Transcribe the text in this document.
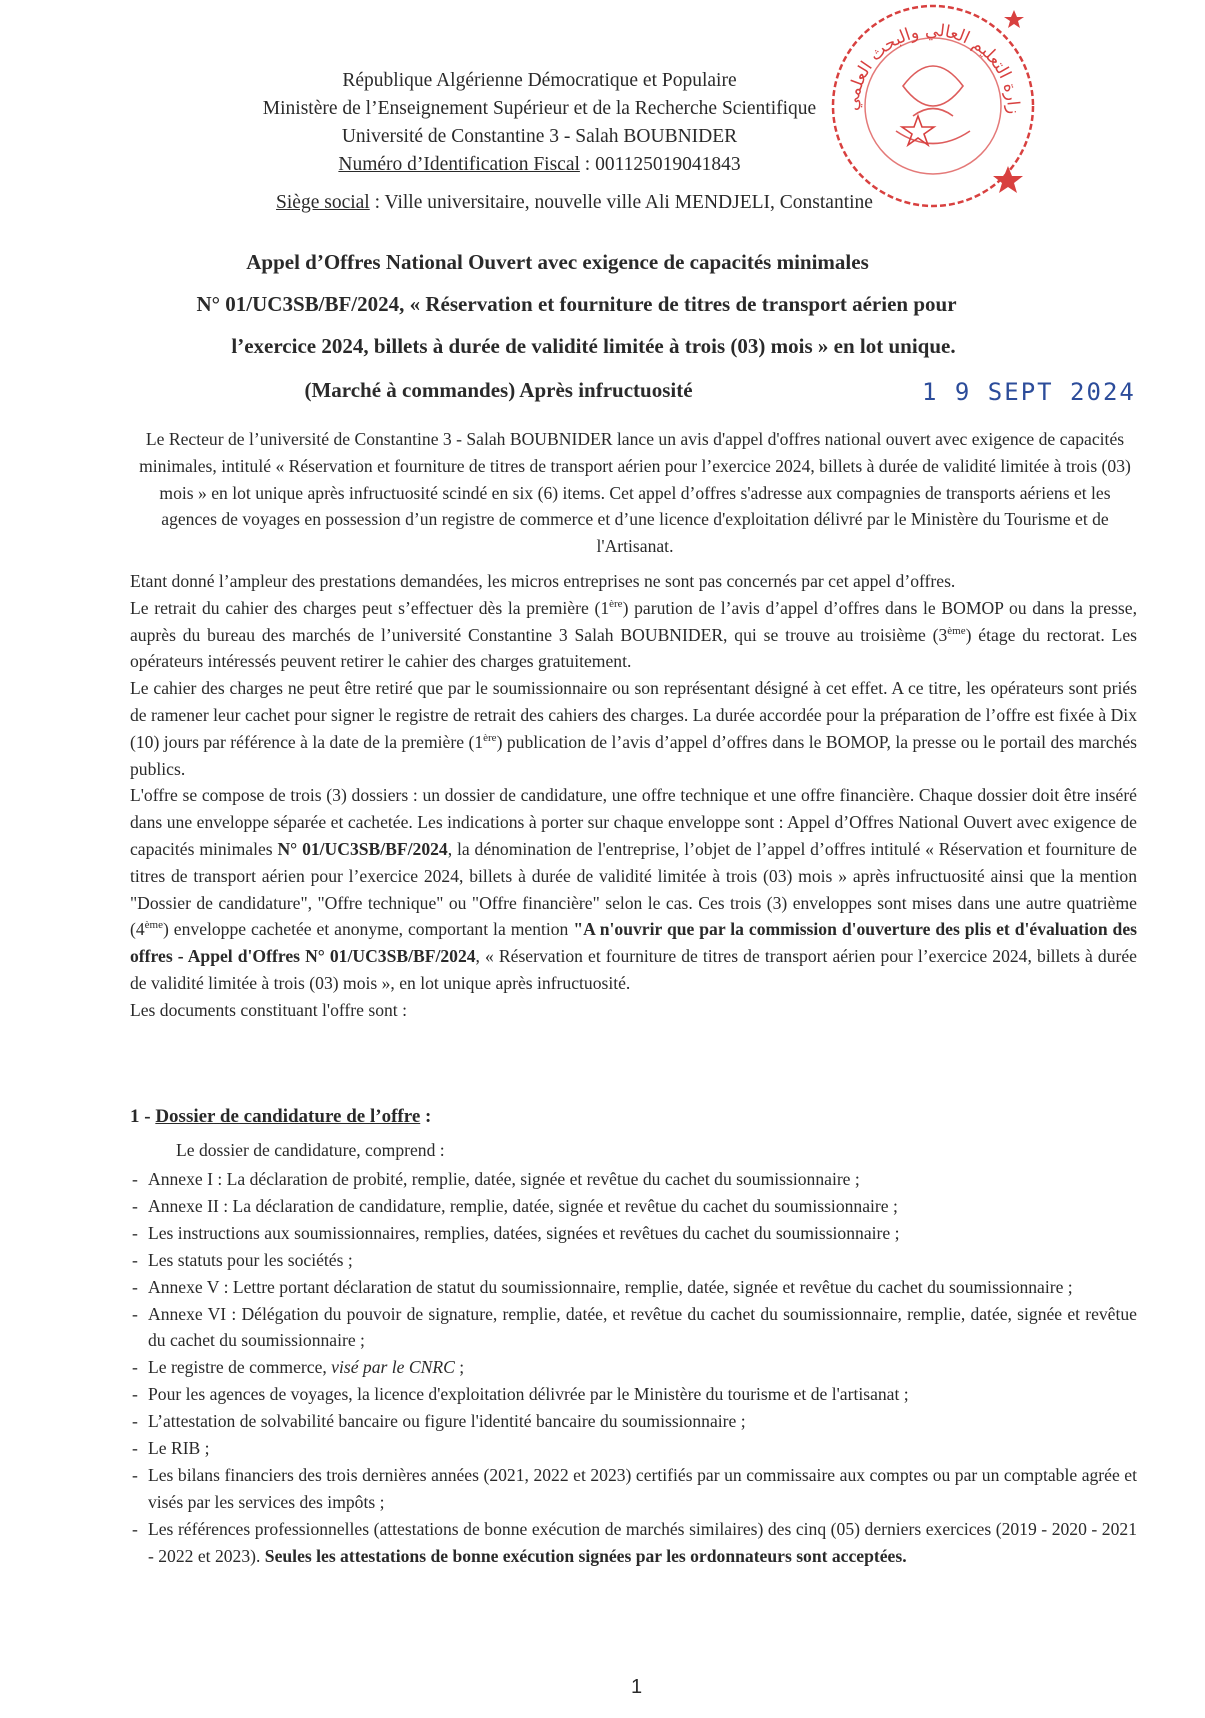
زارة التعليم العالي والبحث العلمي
République Algérienne Démocratique et Populaire
Ministère de l’Enseignement Supérieur et de la Recherche Scientifique
Université de Constantine 3 - Salah BOUBNIDER
Numéro d’Identification Fiscal : 001125019041843
Siège social : Ville universitaire, nouvelle ville Ali MENDJELI, Constantine
Appel d’Offres National Ouvert avec exigence de capacités minimales
N° 01/UC3SB/BF/2024, « Réservation et fourniture de titres de transport aérien pour
l’exercice 2024, billets à durée de validité limitée à trois (03) mois » en lot unique.
(Marché à commandes) Après infructuosité	1 9 SEPT 2024
Le Recteur de l’université de Constantine 3 - Salah BOUBNIDER lance un avis d'appel d'offres national ouvert avec exigence de capacités minimales, intitulé « Réservation et fourniture de titres de transport aérien pour l’exercice 2024, billets à durée de validité limitée à trois (03) mois » en lot unique après infructuosité scindé en six (6) items. Cet appel d’offres s'adresse aux compagnies de transports aériens et les agences de voyages en possession d’un registre de commerce et d’une licence d'exploitation délivré par le Ministère du Tourisme et de l'Artisanat.
Etant donné l’ampleur des prestations demandées, les micros entreprises ne sont pas concernés par cet appel d’offres.
Le retrait du cahier des charges peut s’effectuer dès la première (1ère) parution de l’avis d’appel d’offres dans le BOMOP ou dans la presse, auprès du bureau des marchés de l’université Constantine 3 Salah BOUBNIDER, qui se trouve au troisième (3ème) étage du rectorat. Les opérateurs intéressés peuvent retirer le cahier des charges gratuitement.
Le cahier des charges ne peut être retiré que par le soumissionnaire ou son représentant désigné à cet effet. A ce titre, les opérateurs sont priés de ramener leur cachet pour signer le registre de retrait des cahiers des charges. La durée accordée pour la préparation de l’offre est fixée à Dix (10) jours par référence à la date de la première (1ère) publication de l’avis d’appel d’offres dans le BOMOP, la presse ou le portail des marchés publics.
L'offre se compose de trois (3) dossiers : un dossier de candidature, une offre technique et une offre financière. Chaque dossier doit être inséré dans une enveloppe séparée et cachetée. Les indications à porter sur chaque enveloppe sont : Appel d’Offres National Ouvert avec exigence de capacités minimales N° 01/UC3SB/BF/2024, la dénomination de l'entreprise, l’objet de l’appel d’offres intitulé « Réservation et fourniture de titres de transport aérien pour l’exercice 2024, billets à durée de validité limitée à trois (03) mois » après infructuosité ainsi que la mention "Dossier de candidature", "Offre technique" ou "Offre financière" selon le cas. Ces trois (3) enveloppes sont mises dans une autre quatrième (4ème) enveloppe cachetée et anonyme, comportant la mention "A n'ouvrir que par la commission d'ouverture des plis et d'évaluation des offres - Appel d'Offres N° 01/UC3SB/BF/2024, « Réservation et fourniture de titres de transport aérien pour l’exercice 2024, billets à durée de validité limitée à trois (03) mois », en lot unique après infructuosité.
Les documents constituant l'offre sont :
1 - Dossier de candidature de l’offre :
Le dossier de candidature, comprend :
- Annexe I : La déclaration de probité, remplie, datée, signée et revêtue du cachet du soumissionnaire ;
- Annexe II : La déclaration de candidature, remplie, datée, signée et revêtue du cachet du soumissionnaire ;
- Les instructions aux soumissionnaires, remplies, datées, signées et revêtues du cachet du soumissionnaire ;
- Les statuts pour les sociétés ;
- Annexe V : Lettre portant déclaration de statut du soumissionnaire, remplie, datée, signée et revêtue du cachet du soumissionnaire ;
- Annexe VI : Délégation du pouvoir de signature, remplie, datée, et revêtue du cachet du soumissionnaire, remplie, datée, signée et revêtue du cachet du soumissionnaire ;
- Le registre de commerce, visé par le CNRC ;
- Pour les agences de voyages, la licence d'exploitation délivrée par le Ministère du tourisme et de l'artisanat ;
- L’attestation de solvabilité bancaire ou figure l'identité bancaire du soumissionnaire ;
- Le RIB ;
- Les bilans financiers des trois dernières années (2021, 2022 et 2023) certifiés par un commissaire aux comptes ou par un comptable agrée et visés par les services des impôts ;
- Les références professionnelles (attestations de bonne exécution de marchés similaires) des cinq (05) derniers exercices (2019 - 2020 - 2021 - 2022 et 2023). Seules les attestations de bonne exécution signées par les ordonnateurs sont acceptées.
1
